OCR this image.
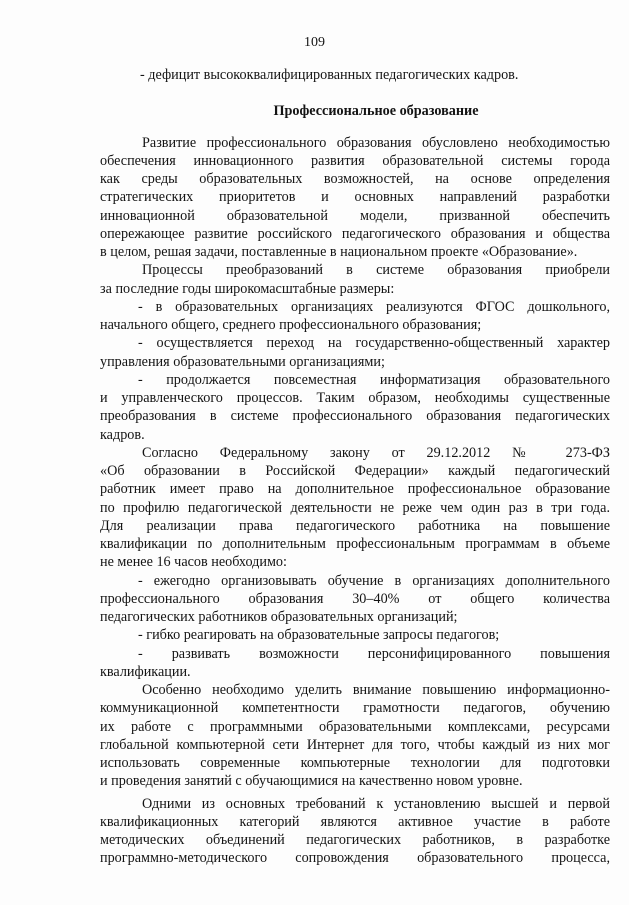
109
- дефицит высококвалифицированных педагогических кадров.
Профессиональное образование
Развитие профессионального образования обусловлено необходимостью
обеспечения инновационного развития образовательной системы города
как среды образовательных возможностей, на основе определения
стратегических приоритетов и основных направлений разработки
инновационной образовательной модели, призванной обеспечить
опережающее развитие российского педагогического образования и общества
в целом, решая задачи, поставленные в национальном проекте «Образование».
Процессы преобразований в системе образования приобрели
за последние годы широкомасштабные размеры:
- в образовательных организациях реализуются ФГОС дошкольного,
начального общего, среднего профессионального образования;
- осуществляется переход на государственно-общественный характер
управления образовательными организациями;
- продолжается повсеместная информатизация образовательного
и управленческого процессов. Таким образом, необходимы существенные
преобразования в системе профессионального образования педагогических
кадров.
Согласно Федеральному закону от 29.12.2012 № 273-ФЗ
«Об образовании в Российской Федерации» каждый педагогический
работник имеет право на дополнительное профессиональное образование
по профилю педагогической деятельности не реже чем один раз в три года.
Для реализации права педагогического работника на повышение
квалификации по дополнительным профессиональным программам в объеме
не менее 16 часов необходимо:
- ежегодно организовывать обучение в организациях дополнительного
профессионального образования 30–40% от общего количества
педагогических работников образовательных организаций;
- гибко реагировать на образовательные запросы педагогов;
- развивать возможности персонифицированного повышения
квалификации.
Особенно необходимо уделить внимание повышению информационно-
коммуникационной компетентности грамотности педагогов, обучению
их работе с программными образовательными комплексами, ресурсами
глобальной компьютерной сети Интернет для того, чтобы каждый из них мог
использовать современные компьютерные технологии для подготовки
и проведения занятий с обучающимися на качественно новом уровне.
Одними из основных требований к установлению высшей и первой
квалификационных категорий являются активное участие в работе
методических объединений педагогических работников, в разработке
программно-методического сопровождения образовательного процесса,
